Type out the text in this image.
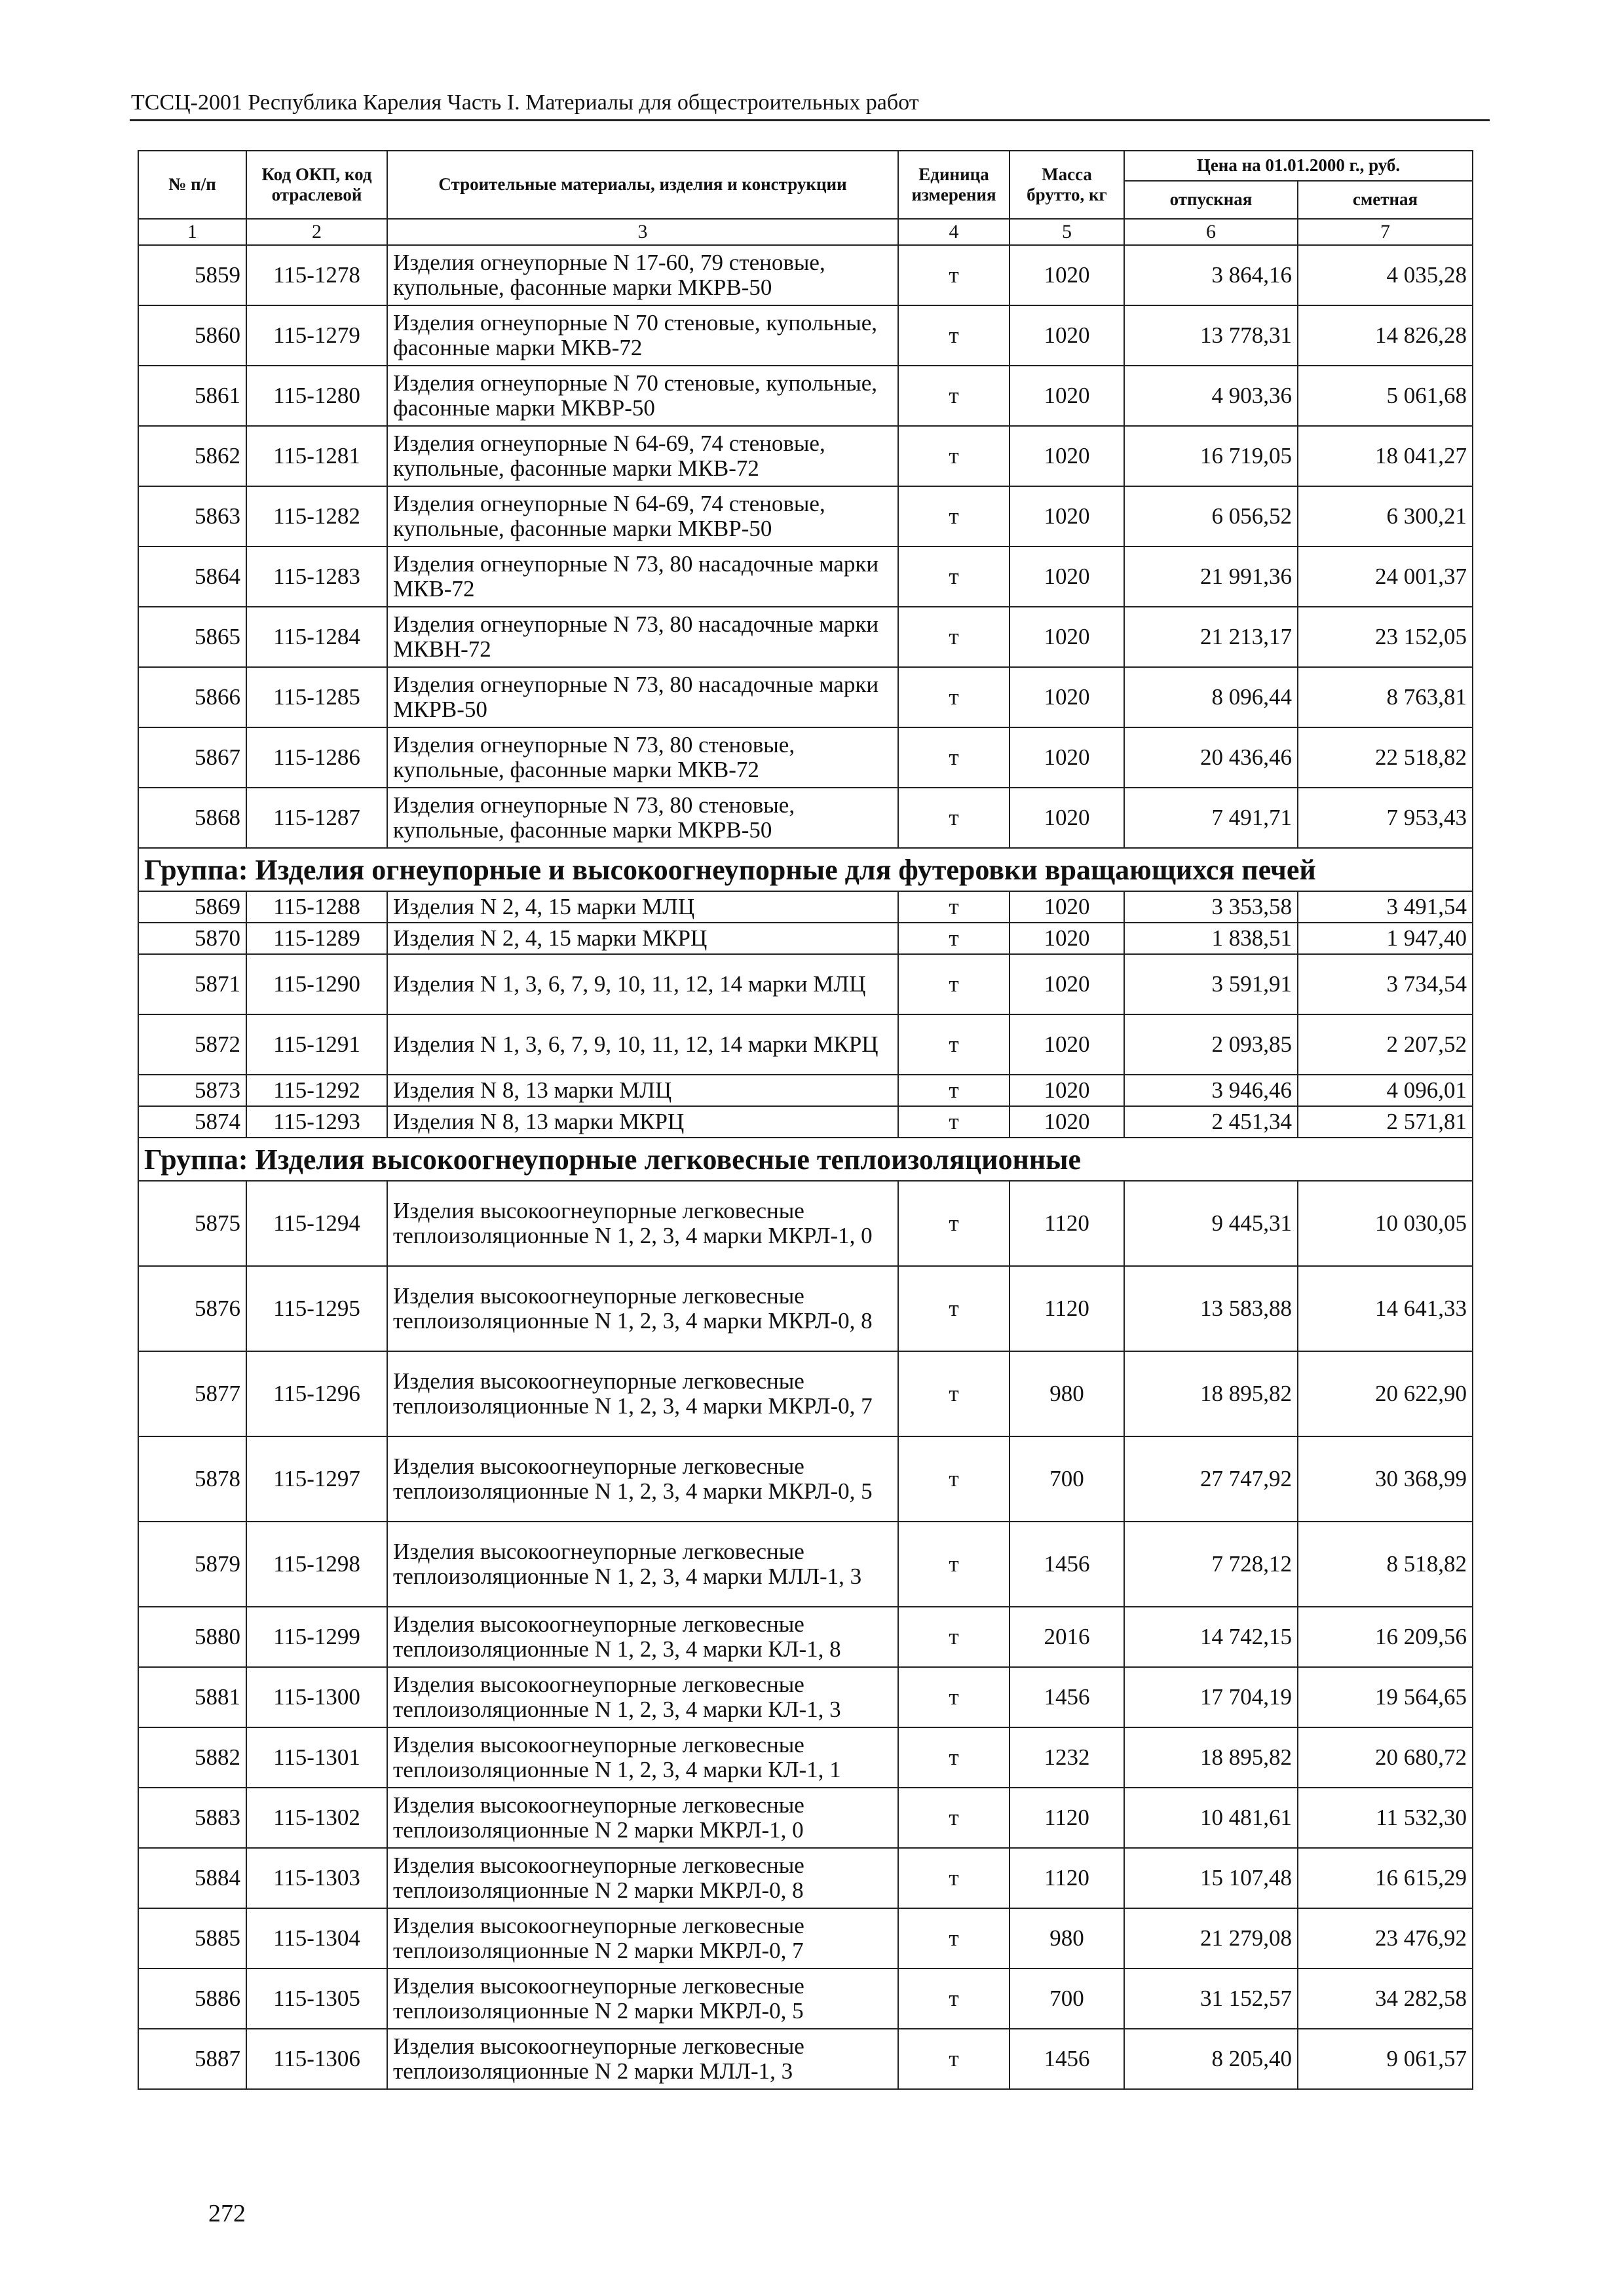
ТССЦ-2001 Республика Карелия Часть I. Материалы для общестроительных работ
№ п/п	Код ОКП, код отраслевой	Строительные материалы, изделия и конструкции	Единица измерения	Масса брутто, кг	Цена на 01.01.2000 г., руб.	
					отпускная	сметная
1	2	3	4	5	6	7
5859	115-1278	Изделия огнеупорные N 17-60, 79 стеновые, купольные, фасонные марки МКРВ-50	т	1020	3 864,16	4 035,28
5860	115-1279	Изделия огнеупорные N 70 стеновые, купольные, фасонные марки МКВ-72	т	1020	13 778,31	14 826,28
5861	115-1280	Изделия огнеупорные N 70 стеновые, купольные, фасонные марки МКВР-50	т	1020	4 903,36	5 061,68
5862	115-1281	Изделия огнеупорные N 64-69, 74 стеновые, купольные, фасонные марки МКВ-72	т	1020	16 719,05	18 041,27
5863	115-1282	Изделия огнеупорные N 64-69, 74 стеновые, купольные, фасонные марки МКВР-50	т	1020	6 056,52	6 300,21
5864	115-1283	Изделия огнеупорные N 73, 80 насадочные марки МКВ-72	т	1020	21 991,36	24 001,37
5865	115-1284	Изделия огнеупорные N 73, 80 насадочные марки МКВН-72	т	1020	21 213,17	23 152,05
5866	115-1285	Изделия огнеупорные N 73, 80 насадочные марки МКРВ-50	т	1020	8 096,44	8 763,81
5867	115-1286	Изделия огнеупорные N 73, 80 стеновые, купольные, фасонные марки МКВ-72	т	1020	20 436,46	22 518,82
5868	115-1287	Изделия огнеупорные N 73, 80 стеновые, купольные, фасонные марки МКРВ-50	т	1020	7 491,71	7 953,43
Группа: Изделия огнеупорные и высокоогнеупорные для футеровки вращающихся печей						
5869	115-1288	Изделия N 2, 4, 15 марки МЛЦ	т	1020	3 353,58	3 491,54
5870	115-1289	Изделия N 2, 4, 15 марки МКРЦ	т	1020	1 838,51	1 947,40
5871	115-1290	Изделия N 1, 3, 6, 7, 9, 10, 11, 12, 14 марки МЛЦ	т	1020	3 591,91	3 734,54
5872	115-1291	Изделия N 1, 3, 6, 7, 9, 10, 11, 12, 14 марки МКРЦ	т	1020	2 093,85	2 207,52
5873	115-1292	Изделия N 8, 13 марки МЛЦ	т	1020	3 946,46	4 096,01
5874	115-1293	Изделия N 8, 13 марки МКРЦ	т	1020	2 451,34	2 571,81
Группа: Изделия высокоогнеупорные легковесные теплоизоляционные						
5875	115-1294	Изделия высокоогнеупорные легковесные теплоизоляционные N 1, 2, 3, 4 марки МКРЛ-1, 0	т	1120	9 445,31	10 030,05
5876	115-1295	Изделия высокоогнеупорные легковесные теплоизоляционные N 1, 2, 3, 4 марки МКРЛ-0, 8	т	1120	13 583,88	14 641,33
5877	115-1296	Изделия высокоогнеупорные легковесные теплоизоляционные N 1, 2, 3, 4 марки МКРЛ-0, 7	т	980	18 895,82	20 622,90
5878	115-1297	Изделия высокоогнеупорные легковесные теплоизоляционные N 1, 2, 3, 4 марки МКРЛ-0, 5	т	700	27 747,92	30 368,99
5879	115-1298	Изделия высокоогнеупорные легковесные теплоизоляционные N 1, 2, 3, 4 марки МЛЛ-1, 3	т	1456	7 728,12	8 518,82
5880	115-1299	Изделия высокоогнеупорные легковесные теплоизоляционные N 1, 2, 3, 4 марки КЛ-1, 8	т	2016	14 742,15	16 209,56
5881	115-1300	Изделия высокоогнеупорные легковесные теплоизоляционные N 1, 2, 3, 4 марки КЛ-1, 3	т	1456	17 704,19	19 564,65
5882	115-1301	Изделия высокоогнеупорные легковесные теплоизоляционные N 1, 2, 3, 4 марки КЛ-1, 1	т	1232	18 895,82	20 680,72
5883	115-1302	Изделия высокоогнеупорные легковесные теплоизоляционные N 2 марки МКРЛ-1, 0	т	1120	10 481,61	11 532,30
5884	115-1303	Изделия высокоогнеупорные легковесные теплоизоляционные N 2 марки МКРЛ-0, 8	т	1120	15 107,48	16 615,29
5885	115-1304	Изделия высокоогнеупорные легковесные теплоизоляционные N 2 марки МКРЛ-0, 7	т	980	21 279,08	23 476,92
5886	115-1305	Изделия высокоогнеупорные легковесные теплоизоляционные N 2 марки МКРЛ-0, 5	т	700	31 152,57	34 282,58
5887	115-1306	Изделия высокоогнеупорные легковесные теплоизоляционные N 2 марки МЛЛ-1, 3	т	1456	8 205,40	9 061,57
272
